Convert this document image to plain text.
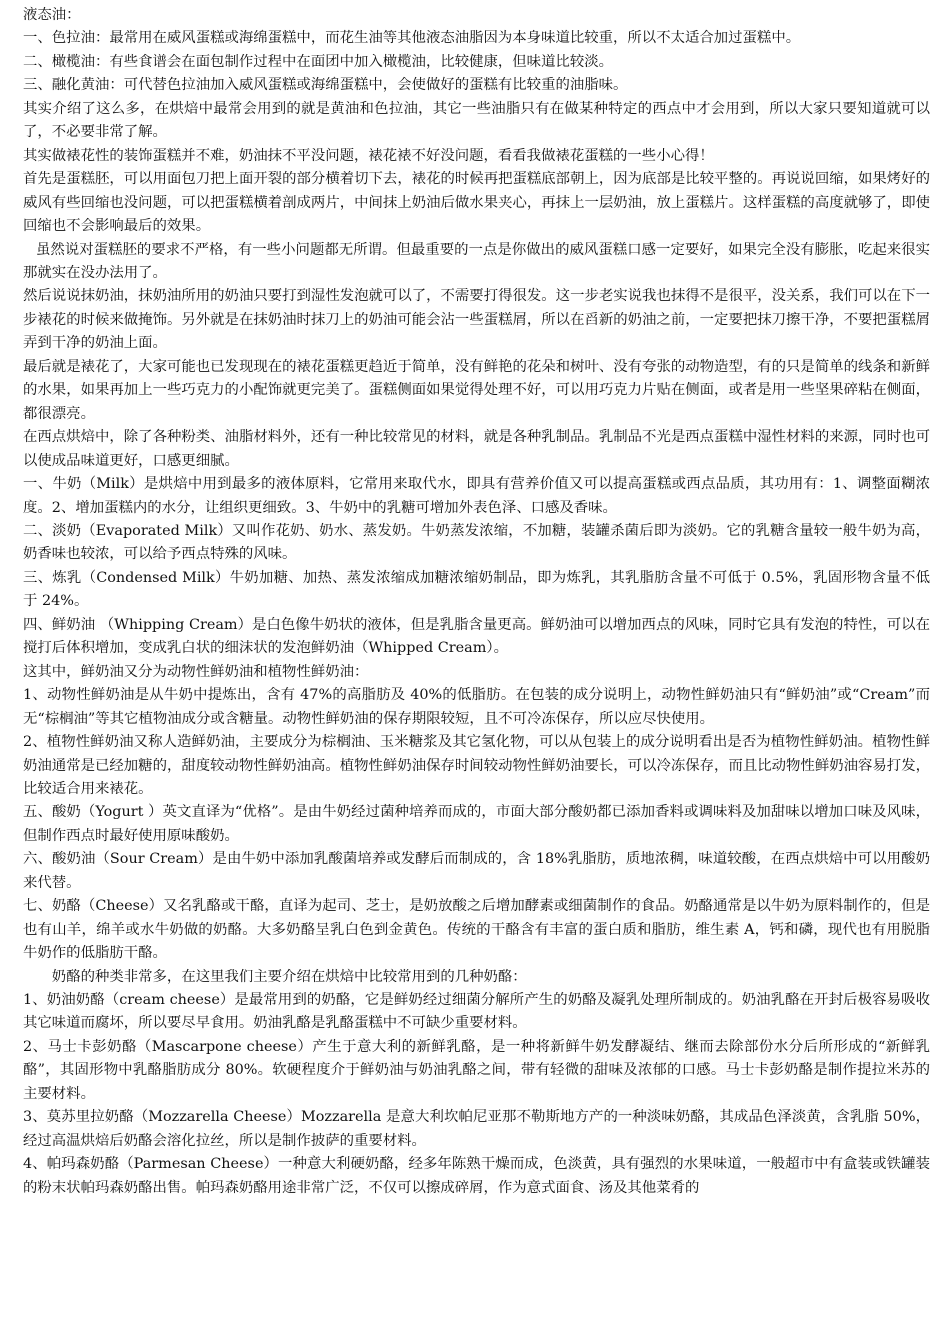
液态油：

一、色拉油：最常用在威风蛋糕或海绵蛋糕中，而花生油等其他液态油脂因为本身味道比较重，所以不太适合加过蛋糕中。

二、橄榄油：有些食谱会在面包制作过程中在面团中加入橄榄油，比较健康，但味道比较淡。

三、融化黄油：可代替色拉油加入威风蛋糕或海绵蛋糕中，会使做好的蛋糕有比较重的油脂味。

其实介绍了这么多，在烘焙中最常会用到的就是黄油和色拉油，其它一些油脂只有在做某种特定的西点中才会用到，所以大家只要知道就可以了，不必要非常了解。

其实做裱花性的装饰蛋糕并不难，奶油抹不平没问题，裱花裱不好没问题，看看我做裱花蛋糕的一些小心得！

首先是蛋糕胚，可以用面包刀把上面开裂的部分横着切下去，裱花的时候再把蛋糕底部朝上，因为底部是比较平整的。再说说回缩，如果烤好的威风有些回缩也没问题，可以把蛋糕横着剖成两片，中间抹上奶油后做水果夹心，再抹上一层奶油，放上蛋糕片。这样蛋糕的高度就够了，即使回缩也不会影响最后的效果。

虽然说对蛋糕胚的要求不严格，有一些小问题都无所谓。但最重要的一点是你做出的威风蛋糕口感一定要好，如果完全没有膨胀，吃起来很实那就实在没办法用了。

然后说说抹奶油，抹奶油所用的奶油只要打到湿性发泡就可以了，不需要打得很发。这一步老实说我也抹得不是很平，没关系，我们可以在下一步裱花的时候来做掩饰。另外就是在抹奶油时抹刀上的奶油可能会沾一些蛋糕屑，所以在舀新的奶油之前，一定要把抹刀擦干净，不要把蛋糕屑弄到干净的奶油上面。

最后就是裱花了，大家可能也已发现现在的裱花蛋糕更趋近于简单，没有鲜艳的花朵和树叶、没有夸张的动物造型，有的只是简单的线条和新鲜的水果，如果再加上一些巧克力的小配饰就更完美了。蛋糕侧面如果觉得处理不好，可以用巧克力片贴在侧面，或者是用一些坚果碎粘在侧面，都很漂亮。

在西点烘焙中，除了各种粉类、油脂材料外，还有一种比较常见的材料，就是各种乳制品。乳制品不光是西点蛋糕中湿性材料的来源，同时也可以使成品味道更好，口感更细腻。

一、牛奶（Milk）是烘焙中用到最多的液体原料，它常用来取代水，即具有营养价值又可以提高蛋糕或西点品质，其功用有：1、调整面糊浓度。2、增加蛋糕内的水分，让组织更细致。3、牛奶中的乳糖可增加外表色泽、口感及香味。

二、淡奶（Evaporated Milk）又叫作花奶、奶水、蒸发奶。牛奶蒸发浓缩，不加糖，装罐杀菌后即为淡奶。它的乳糖含量较一般牛奶为高，奶香味也较浓，可以给予西点特殊的风味。

三、炼乳（Condensed Milk）牛奶加糖、加热、蒸发浓缩成加糖浓缩奶制品，即为炼乳，其乳脂肪含量不可低于 0.5%，乳固形物含量不低于 24%。

四、鲜奶油 （Whipping Cream）是白色像牛奶状的液体，但是乳脂含量更高。鲜奶油可以增加西点的风味，同时它具有发泡的特性，可以在搅打后体积增加，变成乳白状的细沫状的发泡鲜奶油（Whipped Cream）。

这其中，鲜奶油又分为动物性鲜奶油和植物性鲜奶油：

1、动物性鲜奶油是从牛奶中提炼出，含有 47%的高脂肪及 40%的低脂肪。在包装的成分说明上，动物性鲜奶油只有“鲜奶油”或“Cream”而无“棕榈油”等其它植物油成分或含糖量。动物性鲜奶油的保存期限较短，且不可冷冻保存，所以应尽快使用。

2、植物性鲜奶油又称人造鲜奶油，主要成分为棕榈油、玉米糖浆及其它氢化物，可以从包装上的成分说明看出是否为植物性鲜奶油。植物性鲜奶油通常是已经加糖的，甜度较动物性鲜奶油高。植物性鲜奶油保存时间较动物性鲜奶油要长，可以冷冻保存，而且比动物性鲜奶油容易打发，比较适合用来裱花。

五、酸奶（Yogurt ）英文直译为“优格”。是由牛奶经过菌种培养而成的，市面大部分酸奶都已添加香料或调味料及加甜味以增加口味及风味，但制作西点时最好使用原味酸奶。

六、酸奶油（Sour Cream）是由牛奶中添加乳酸菌培养或发酵后而制成的，含 18%乳脂肪，质地浓稠，味道较酸，在西点烘焙中可以用酸奶来代替。

七、奶酪（Cheese）又名乳酪或干酪，直译为起司、芝士，是奶放酸之后增加酵素或细菌制作的食品。奶酪通常是以牛奶为原料制作的，但是也有山羊，绵羊或水牛奶做的奶酪。大多奶酪呈乳白色到金黄色。传统的干酪含有丰富的蛋白质和脂肪，维生素 A，钙和磷，现代也有用脱脂牛奶作的低脂肪干酪。

奶酪的种类非常多，在这里我们主要介绍在烘焙中比较常用到的几种奶酪：

1、奶油奶酪（cream cheese）是最常用到的奶酪，它是鲜奶经过细菌分解所产生的奶酪及凝乳处理所制成的。奶油乳酪在开封后极容易吸收其它味道而腐坏，所以要尽早食用。奶油乳酪是乳酪蛋糕中不可缺少重要材料。

2、马士卡彭奶酪（Mascarpone cheese）产生于意大利的新鲜乳酪，是一种将新鲜牛奶发酵凝结、继而去除部份水分后所形成的“新鲜乳酪”，其固形物中乳酪脂肪成分 80%。软硬程度介于鲜奶油与奶油乳酪之间，带有轻微的甜味及浓郁的口感。马士卡彭奶酪是制作提拉米苏的主要材料。

3、莫苏里拉奶酪（Mozzarella Cheese）Mozzarella 是意大利坎帕尼亚那不勒斯地方产的一种淡味奶酪，其成品色泽淡黄，含乳脂 50%，经过高温烘焙后奶酪会溶化拉丝，所以是制作披萨的重要材料。

4、帕玛森奶酪（Parmesan Cheese）一种意大利硬奶酪，经多年陈熟干燥而成，色淡黄，具有强烈的水果味道，一般超市中有盒装或铁罐装的粉末状帕玛森奶酪出售。帕玛森奶酪用途非常广泛，不仅可以擦成碎屑，作为意式面食、汤及其他菜肴的
